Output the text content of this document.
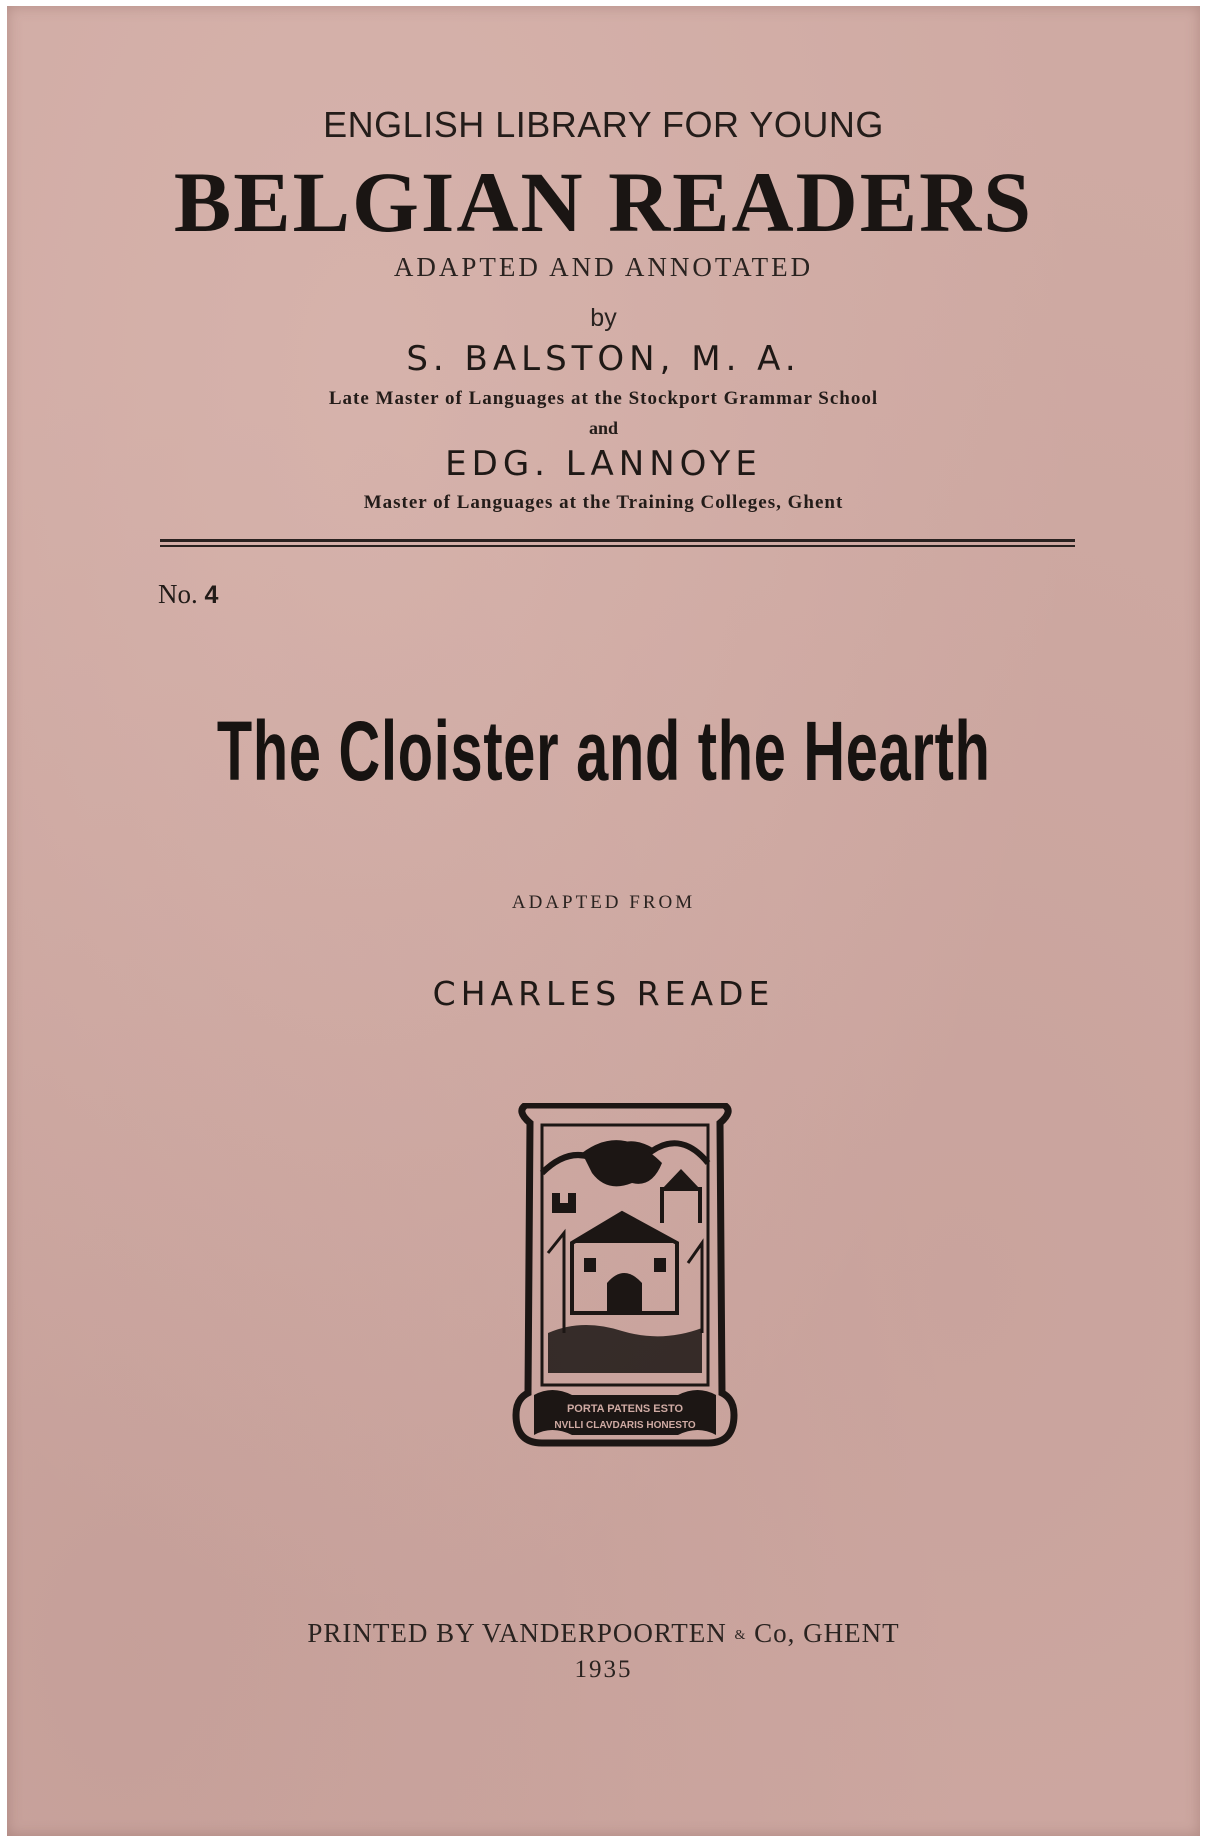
ENGLISH LIBRARY FOR YOUNG
BELGIAN READERS
ADAPTED AND ANNOTATED
by
S. BALSTON, M. A.
Late Master of Languages at the Stockport Grammar School
and
EDG. LANNOYE
Master of Languages at the Training Colleges, Ghent
No. 4
The Cloister and the Hearth
ADAPTED FROM
CHARLES READE
PORTA PATENS ESTO
NVLLI CLAVDARIS HONESTO
PRINTED BY VANDERPOORTEN & Co, GHENT
1935
